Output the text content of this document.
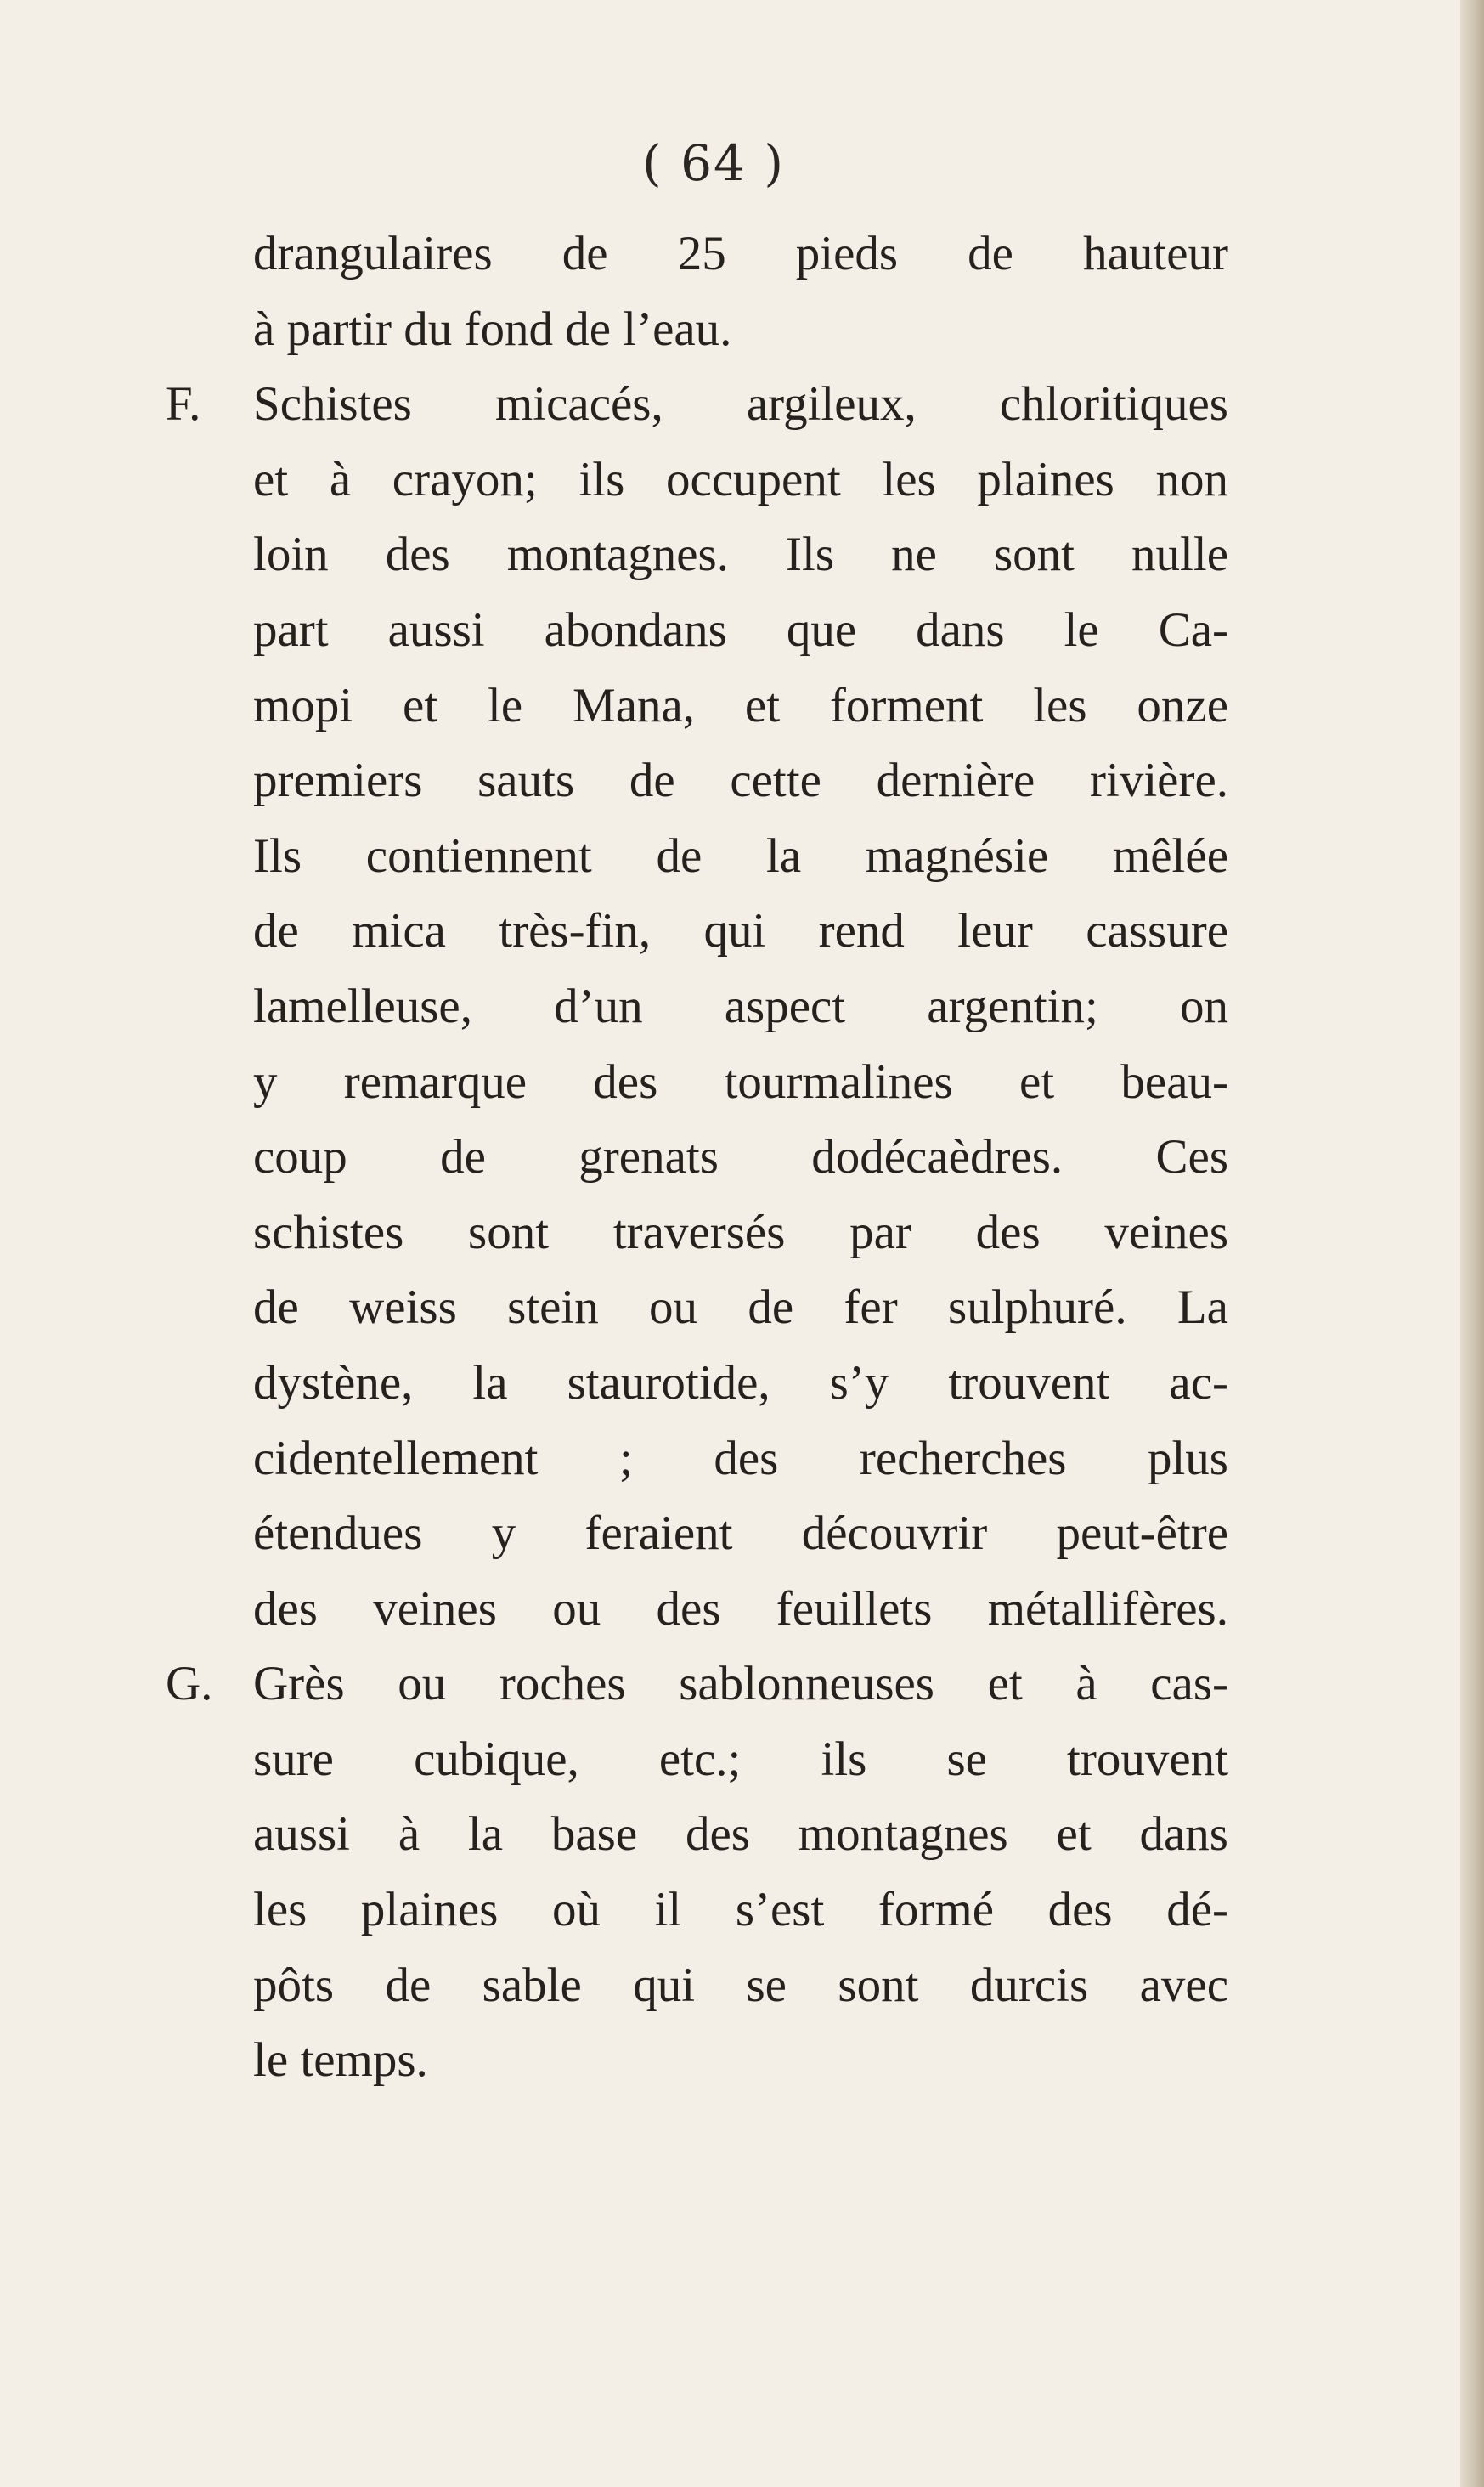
( 64 )
drangulaires de 25 pieds de hauteur
à partir du fond de l’eau.
F.	Schistes micacés, argileux, chloritiques
et à crayon; ils occupent les plaines non
loin des montagnes. Ils ne sont nulle
part aussi abondans que dans le Ca-
mopi et le Mana, et forment les onze
premiers sauts de cette dernière rivière.
Ils contiennent de la magnésie mêlée
de mica très-fin, qui rend leur cassure
lamelleuse, d’un aspect argentin; on
y remarque des tourmalines et beau-
coup de grenats dodécaèdres. Ces
schistes sont traversés par des veines
de weiss stein ou de fer sulphuré. La
dystène, la staurotide, s’y trouvent ac-
cidentellement ; des recherches plus
étendues y feraient découvrir peut-être
des veines ou des feuillets métallifères.
G. Grès ou roches sablonneuses et à cas-
sure cubique, etc.; ils se trouvent
aussi à la base des montagnes et dans
les plaines où il s’est formé des dé-
pôts de sable qui se sont durcis avec
le temps.
